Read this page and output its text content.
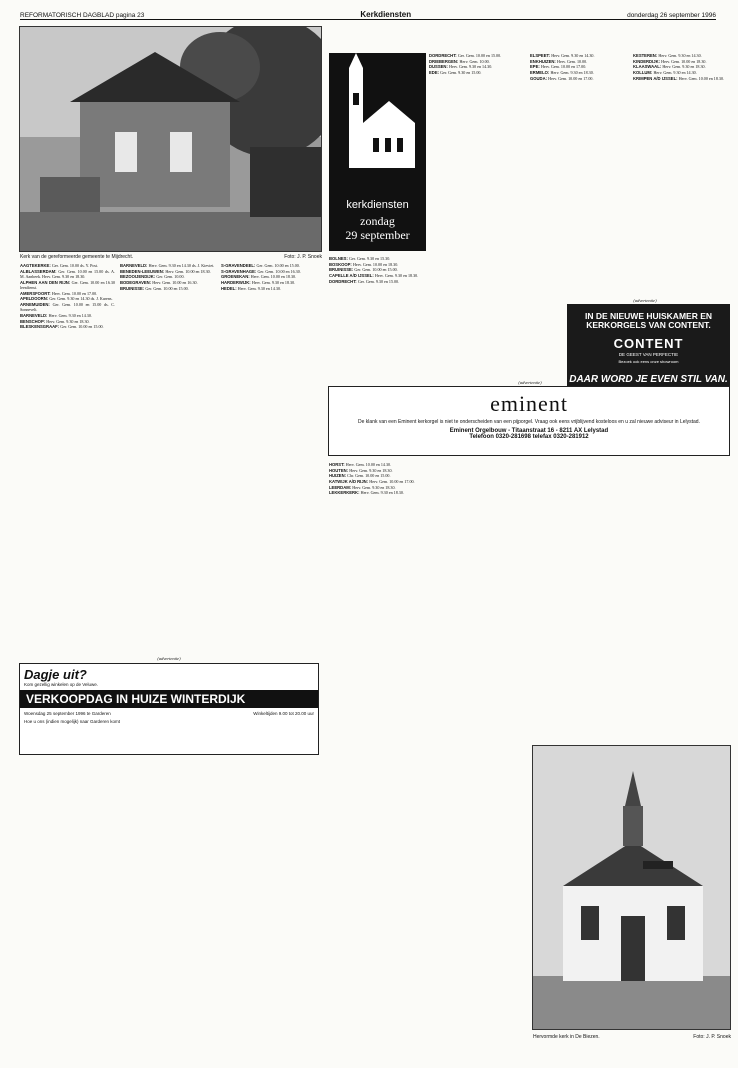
REFORMATORISCH DAGBLAD pagina 23	Kerkdiensten	donderdag 26 september 1996
Kerk van de gereformeerde gemeente te Mijdrecht.	Foto: J. P. Snoek

AAGTEKERKE: Ger. Gem. 10.00 ds. Y. Post.

ALBLASSERDAM: Ger. Gem. 10.00 en 15.00 ds. A. M. Aanbeek. Herv. Gem. 9.30 en 18.30.

ALPHEN AAN DEN RIJN: Ger. Gem. 10.00 en 16.30 leesdienst.

AMERSFOORT: Herv. Gem. 10.00 en 17.00.

APELDOORN: Ger. Gem. 9.30 en 14.30 ds. J. Karens.

ARNEMUIDEN: Ger. Gem. 10.00 en 15.00 ds. C. Sonnevelt.

BARNEVELD: Herv. Gem. 9.30 en 14.30.

BENSCHOP: Herv. Gem. 9.30 en 18.30.

BLESKENSGRAAF: Ger. Gem. 10.00 en 15.00.

BARNEVELD: Herv. Gem. 9.30 en 14.30 ds. J. Kieviet.

BENEDEN-LEEUWEN: Herv. Gem. 10.00 en 18.30.

BEZOOIJENDIJK: Ger. Gem. 10.00.

BODEGRAVEN: Herv. Gem. 10.00 en 16.30.

BRUINISSE: Ger. Gem. 10.00 en 15.00.

S-GRAVENDEEL: Ger. Gem. 10.00 en 15.00.

S-GRAVENHAGE: Ger. Gem. 10.00 en 16.30.

GROENEKAN: Herv. Gem. 10.00 en 18.30.

HARDERWIJK: Herv. Gem. 9.30 en 18.30.

HEDEL: Herv. Gem. 9.30 en 14.30.

kerkdiensten
zondag
29 september

DORDRECHT: Ger. Gem. 10.00 en 15.00.

DRIEBERGEN: Herv. Gem. 10.00.

DUSSEN: Herv. Gem. 9.30 en 14.30.

EDE: Ger. Gem. 9.30 en 15.00.

ELSPEET: Herv. Gem. 9.30 en 14.30.

ENKHUIZEN: Herv. Gem. 10.00.

EPE: Herv. Gem. 10.00 en 17.00.

ERMELO: Herv. Gem. 9.30 en 18.30.

GOUDA: Herv. Gem. 10.00 en 17.00.

KESTEREN: Herv. Gem. 9.30 en 14.30.

KINDERDIJK: Herv. Gem. 10.00 en 18.30.

KLAASWAAL: Herv. Gem. 9.30 en 18.30.

KOLLUM: Herv. Gem. 9.30 en 14.30.

KRIMPEN A/D IJSSEL: Herv. Gem. 10.00 en 18.30.

BOLNES: Ger. Gem. 9.30 en 15.30.

BOSKOOP: Herv. Gem. 10.00 en 18.30.

BRUINISSE: Ger. Gem. 10.00 en 15.00.

CAPELLE A/D IJSSEL: Herv. Gem. 9.30 en 18.30.

DORDRECHT: Ger. Gem. 9.30 en 15.00.

(advertentie)
IN DE NIEUWE HUISKAMER EN KERKORGELS VAN CONTENT.
CONTENT
DE GEEST VAN PERFECTIE
Bezoek ook eens onze showroom
DAAR WORD JE EVEN STIL VAN.
(advertentie)
eminent
De klank van een Eminent kerkorgel is niet te onderscheiden van een pijporgel. Vraag ook eens vrijblijvend kosteloos en u zal nieuwe adviseur in Lelystad.
Eminent Orgelbouw - Titaanstraat 16 - 8211 AX Lelystad
Telefoon 0320-281698 telefax 0320-281912

HORST: Herv. Gem. 10.00 en 14.30.

HOUTEN: Herv. Gem. 9.30 en 18.30.

HUIZEN: Chr. Gem. 10.00 en 15.00.

KATWIJK A/D RIJN: Herv. Gem. 10.00 en 17.00.

LEERDAM: Herv. Gem. 9.30 en 18.30.

LEKKERKERK: Herv. Gem. 9.30 en 18.30.

(advertentie)
Dagje uit?
Kom gezellig winkelen op de Veluwe.
VERKOOPDAG IN HUIZE WINTERDIJK
Woensdag 25 september 1996 te Garderen	Winkeltijden 9.00 tot 20.00 uur
Hoe u ons (indien mogelijk) naar Garderen komt
Hervormde kerk in De Biezen.	Foto: J. P. Snoek
